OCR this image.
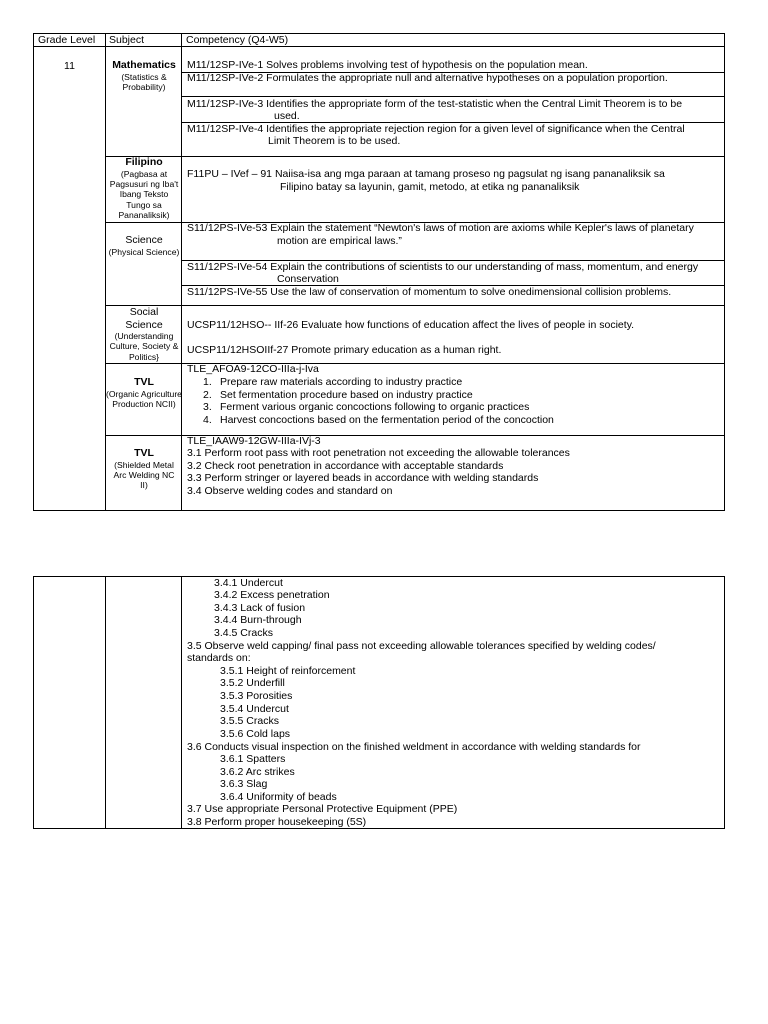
Grade Level Subject	Competency (Q4-W5)
11	Mathematics
(Statistics & Probability)
M11/12SP-IVe-1 Solves problems involving test of hypothesis on the population mean.
M11/12SP-IVe-2 Formulates the appropriate null and alternative hypotheses on a population proportion.
M11/12SP-IVe-3 Identifies the appropriate form of the test-statistic when the Central Limit Theorem is to be
used.
M11/12SP-IVe-4 Identifies the appropriate rejection region for a given level of significance when the Central
Limit Theorem is to be used.
Filipino
(Pagbasa at Pagsusuri ng Iba't Ibang Teksto Tungo sa Pananaliksik)
F11PU – IVef – 91 Naiisa-isa ang mga paraan at tamang proseso ng pagsulat ng isang pananaliksik sa
Filipino batay sa layunin, gamit, metodo, at etika ng pananaliksik
Science
(Physical Science)
S11/12PS-IVe-53 Explain the statement “Newton's laws of motion are axioms while Kepler's laws of planetary
motion are empirical laws.”
S11/12PS-IVe-54 Explain the contributions of scientists to our understanding of mass, momentum, and energy
Conservation
S11/12PS-IVe-55 Use the law of conservation of momentum to solve onedimensional collision problems.
Social
Science
(Understanding Culture, Society & Politics}
UCSP11/12HSO-- IIf-26 Evaluate how functions of education affect the lives of people in society.
UCSP11/12HSOIIf-27 Promote primary education as a human right.
TVL
(Organic Agriculture Production NCII)
TLE_AFOA9-12CO-IIIa-j-Iva
1. Prepare raw materials according to industry practice
2. Set fermentation procedure based on industry practice
3. Ferment various organic concoctions following to organic practices
4. Harvest concoctions based on the fermentation period of the concoction
TVL
(Shielded Metal Arc Welding NC II)
TLE_IAAW9-12GW-IIIa-IVj-3
3.1 Perform root pass with root penetration not exceeding the allowable tolerances
3.2 Check root penetration in accordance with acceptable standards
3.3 Perform stringer or layered beads in accordance with welding standards
3.4 Observe welding codes and standard on
3.4.1 Undercut
3.4.2 Excess penetration
3.4.3 Lack of fusion
3.4.4 Burn-through
3.4.5 Cracks
3.5 Observe weld capping/ final pass not exceeding allowable tolerances specified by welding codes/
standards on:
3.5.1 Height of reinforcement
3.5.2 Underfill
3.5.3 Porosities
3.5.4 Undercut
3.5.5 Cracks
3.5.6 Cold laps
3.6 Conducts visual inspection on the finished weldment in accordance with welding standards for
3.6.1 Spatters
3.6.2 Arc strikes
3.6.3 Slag
3.6.4 Uniformity of beads
3.7 Use appropriate Personal Protective Equipment (PPE)
3.8 Perform proper housekeeping (5S)
